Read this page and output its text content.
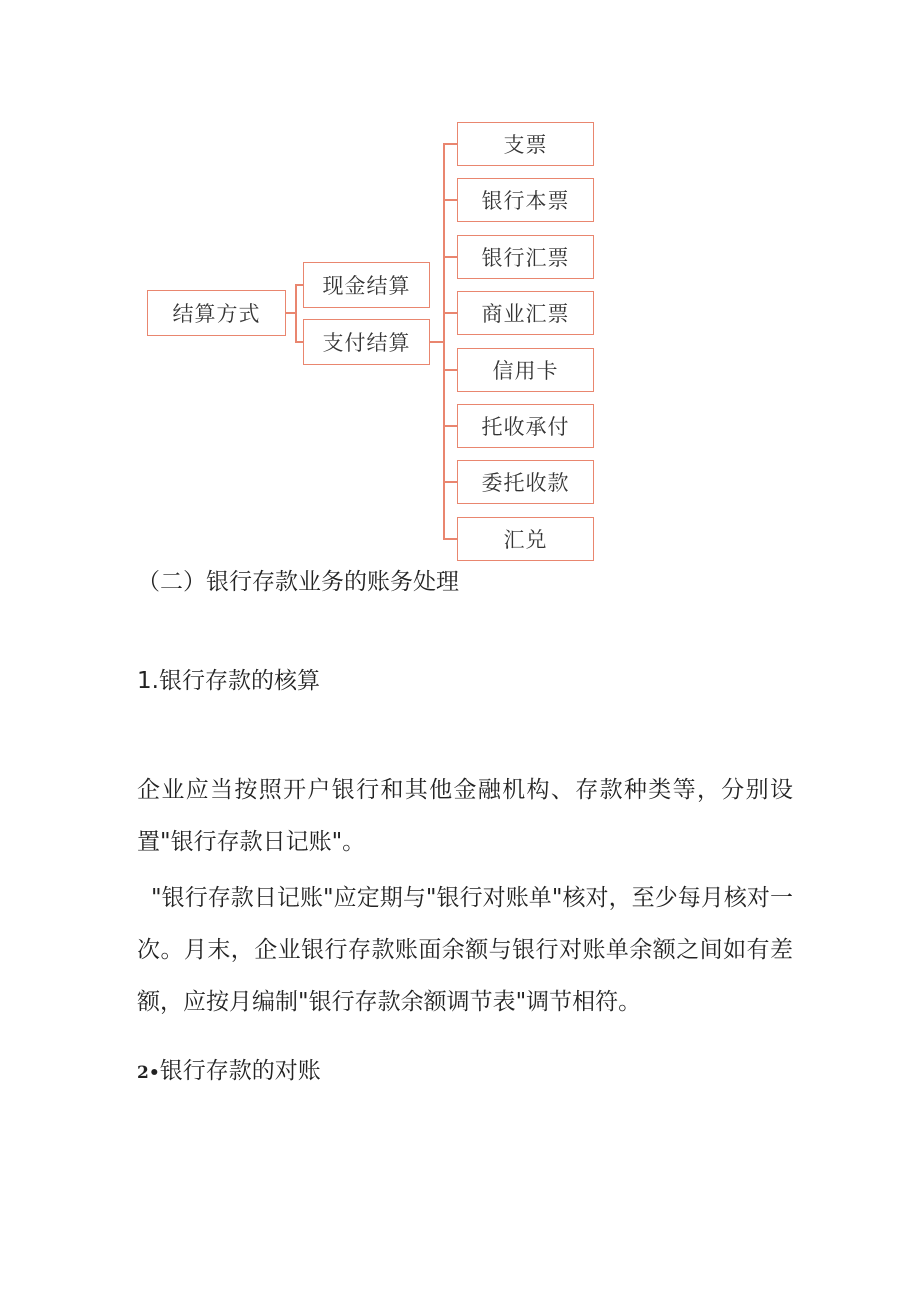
结算方式
现金结算
支付结算
支票
银行本票
银行汇票
商业汇票
信用卡
托收承付
委托收款
汇兑
（二）银行存款业务的账务处理
1.银行存款的核算
企业应当按照开户银行和其他金融机构、存款种类等，分别设置"银行存款日记账"。
"银行存款日记账"应定期与"银行对账单"核对，至少每月核对一次。月末，企业银行存款账面余额与银行对账单余额之间如有差额，应按月编制"银行存款余额调节表"调节相符。
2•银行存款的对账
